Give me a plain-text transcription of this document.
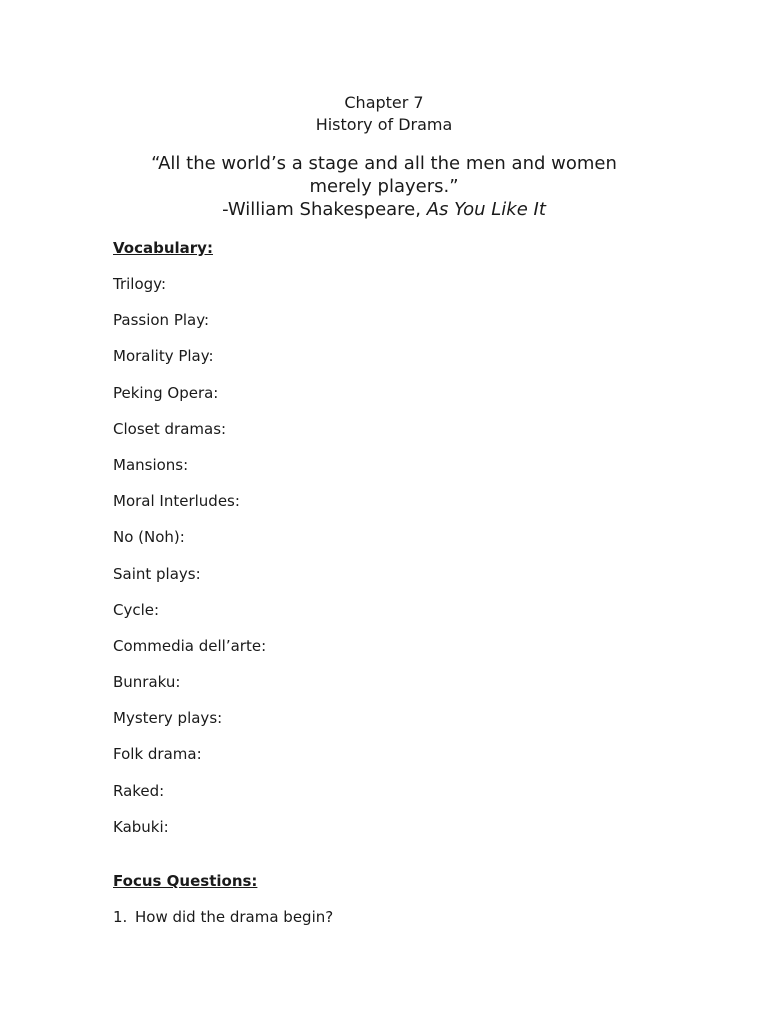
Chapter 7
History of Drama
“All the world’s a stage and all the men and women
merely players.”
-William Shakespeare, As You Like It
Vocabulary:
Trilogy:
Passion Play:
Morality Play:
Peking Opera:
Closet dramas:
Mansions:
Moral Interludes:
No (Noh):
Saint plays:
Cycle:
Commedia dell’arte:
Bunraku:
Mystery plays:
Folk drama:
Raked:
Kabuki:
Focus Questions:
1. How did the drama begin?
